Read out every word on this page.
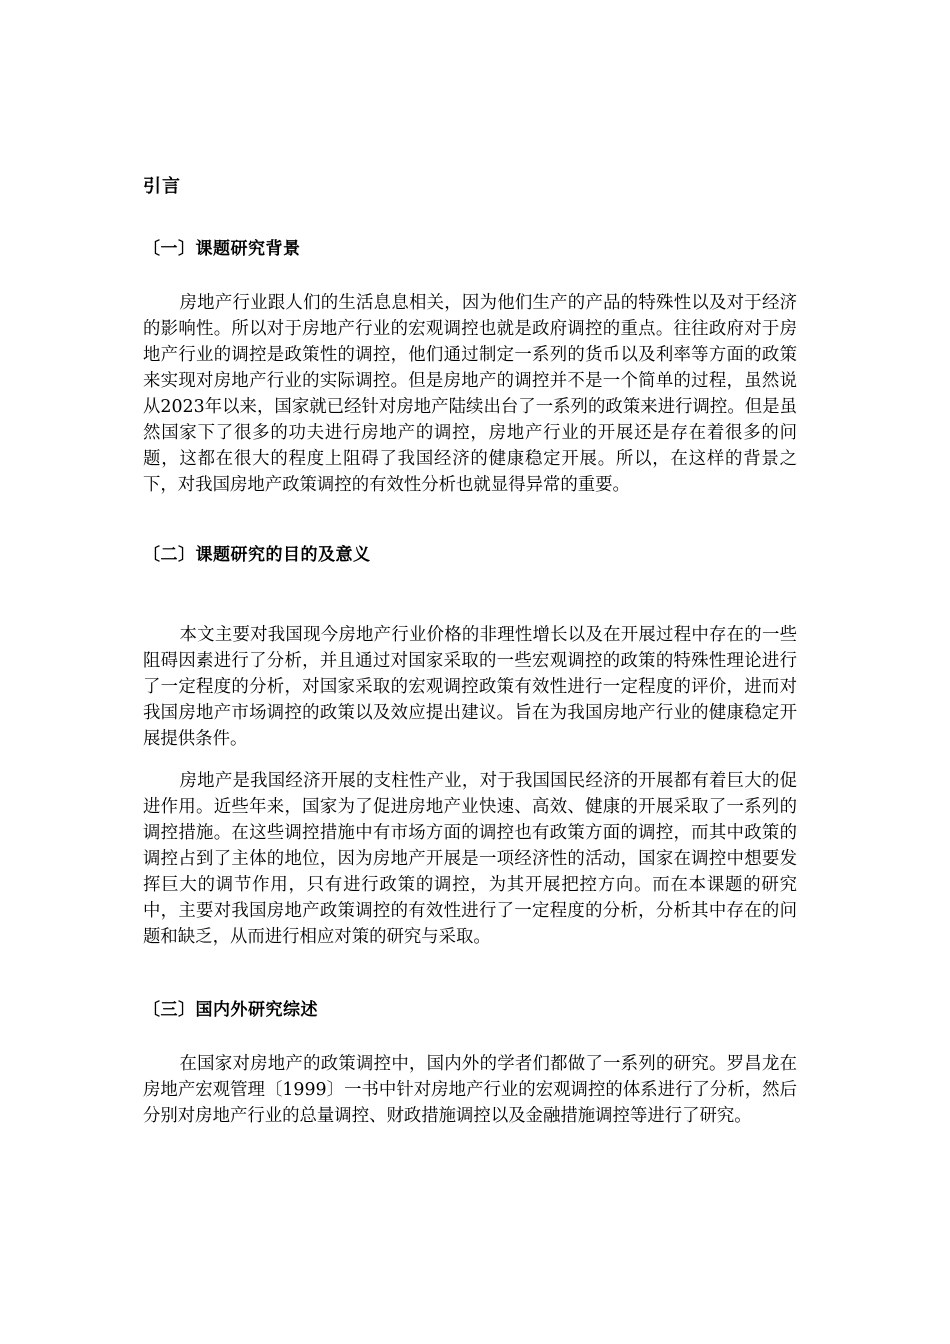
引言
〔一〕课题研究背景
房地产行业跟人们的生活息息相关，因为他们生产的产品的特殊性以及对于经济的影响性。所以对于房地产行业的宏观调控也就是政府调控的重点。往往政府对于房地产行业的调控是政策性的调控，他们通过制定一系列的货币以及利率等方面的政策来实现对房地产行业的实际调控。但是房地产的调控并不是一个简单的过程，虽然说从2023年以来，国家就已经针对房地产陆续出台了一系列的政策来进行调控。但是虽然国家下了很多的功夫进行房地产的调控，房地产行业的开展还是存在着很多的问题，这都在很大的程度上阻碍了我国经济的健康稳定开展。所以，在这样的背景之下，对我国房地产政策调控的有效性分析也就显得异常的重要。
〔二〕课题研究的目的及意义
本文主要对我国现今房地产行业价格的非理性增长以及在开展过程中存在的一些阻碍因素进行了分析，并且通过对国家采取的一些宏观调控的政策的特殊性理论进行了一定程度的分析，对国家采取的宏观调控政策有效性进行一定程度的评价，进而对我国房地产市场调控的政策以及效应提出建议。旨在为我国房地产行业的健康稳定开展提供条件。
房地产是我国经济开展的支柱性产业，对于我国国民经济的开展都有着巨大的促进作用。近些年来，国家为了促进房地产业快速、高效、健康的开展采取了一系列的调控措施。在这些调控措施中有市场方面的调控也有政策方面的调控，而其中政策的调控占到了主体的地位，因为房地产开展是一项经济性的活动，国家在调控中想要发挥巨大的调节作用，只有进行政策的调控，为其开展把控方向。而在本课题的研究中，主要对我国房地产政策调控的有效性进行了一定程度的分析，分析其中存在的问题和缺乏，从而进行相应对策的研究与采取。
〔三〕国内外研究综述
在国家对房地产的政策调控中，国内外的学者们都做了一系列的研究。罗昌龙在房地产宏观管理〔1999〕一书中针对房地产行业的宏观调控的体系进行了分析，然后分别对房地产行业的总量调控、财政措施调控以及金融措施调控等进行了研究。
